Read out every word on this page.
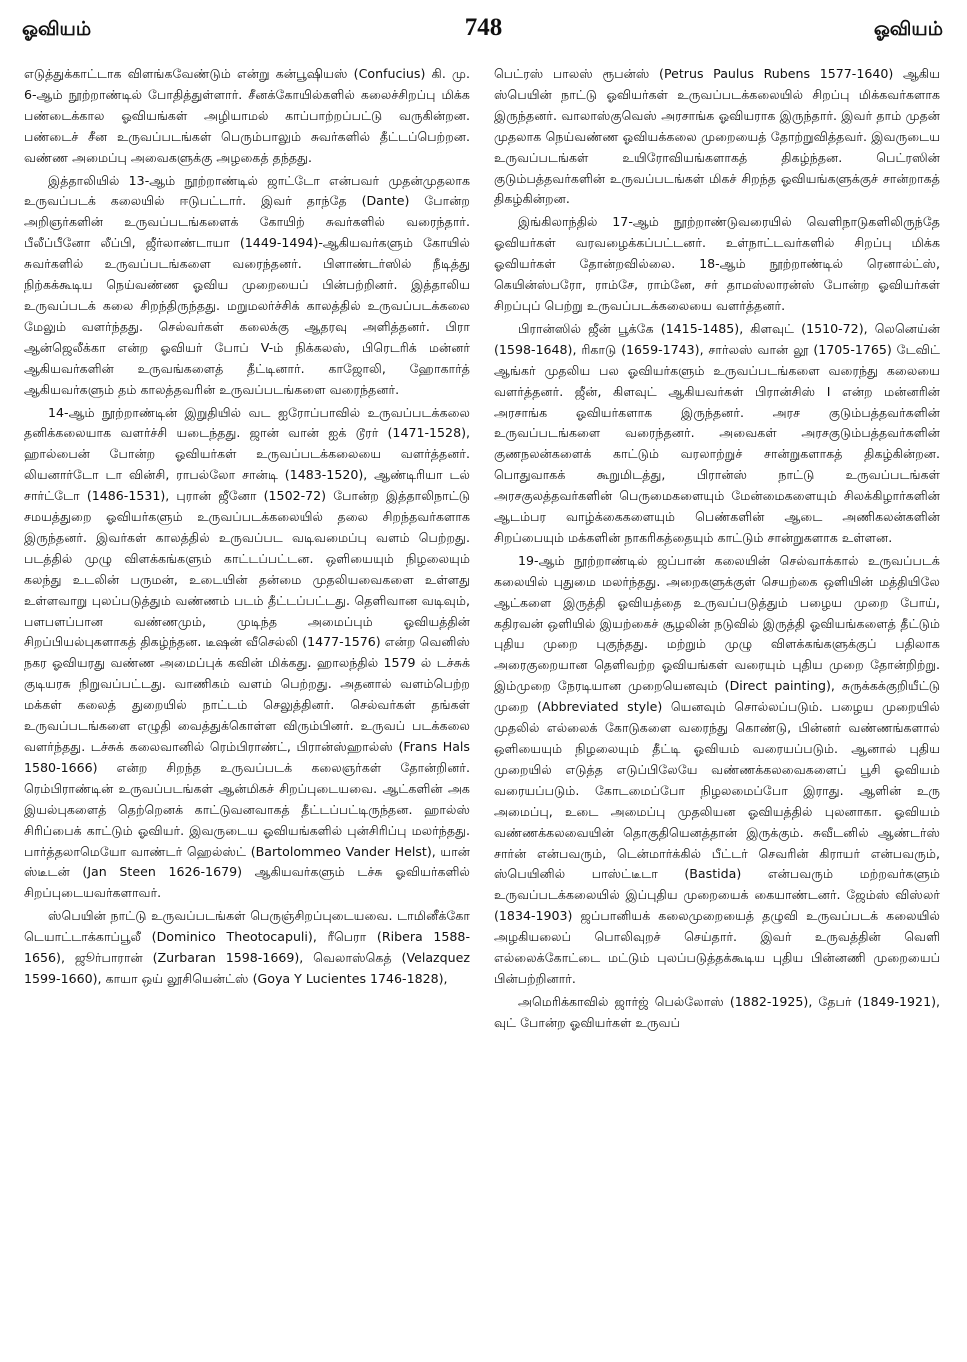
ஓவியம்	748	ஓவியம்

எடுத்துக்காட்டாக விளங்கவேண்டும் என்று கன்பூஷியஸ் (Confucius) கி. மு. 6-ஆம் நூற்றாண்டில் போதித்துள்ளார். சீனக்கோயில்களில் கலைச்சிறப்பு மிக்க பண்டைக்கால ஓவியங்கள் அழியாமல் காப்பாற்றப்பட்டு வருகின்றன. பண்டைச் சீன உருவப்படங்கள் பெரும்பாலும் சுவர்களில் தீட்டப்பெற்றன. வண்ண அமைப்பு அவைகளுக்கு அழகைத் தந்தது.

இத்தாலியில் 13-ஆம் நூற்றாண்டில் ஜாட்டோ என்பவர் முதன்முதலாக உருவப்படக் கலையில் ஈடுபட்டார். இவர் தாந்தே (Dante) போன்ற அறிஞர்களின் உருவப்படங்களைக் கோயிற் சுவர்களில் வரைந்தார். பீலீப்பீனோ லீப்பி, ஜீர்லாண்டாயா (1449-1494)-ஆகியவர்களும் கோயில் சுவர்களில் உருவப்படங்களை வரைந்தனர். பிளாண்டர்ஸில் நீடித்து நிற்கக்கூடிய நெய்வண்ண ஓவிய முறையைப் பின்பற்றினர். இத்தாலிய உருவப்படக் கலை சிறந்திருந்தது. மறுமலர்ச்சிக் காலத்தில் உருவப்படக்கலை மேலும் வளர்ந்தது. செல்வர்கள் கலைக்கு ஆதரவு அளித்தனர். பிரா ஆன்ஜெலீக்கா என்ற ஓவியர் போப் V-ம் நிக்கலஸ், பிரெடரிக் மன்னர் ஆகியவர்களின் உருவங்களைத் தீட்டினார். காஜோலி, ஹோகார்த் ஆகியவர்களும் தம் காலத்தவரின் உருவப்படங்களை வரைந்தனர்.

14-ஆம் நூற்றாண்டின் இறுதியில் வட ஐரோப்பாவில் உருவப்படக்கலை தனிக்கலையாக வளர்ச்சி யடைந்தது. ஜான் வான் ஐக் டூரர் (1471-1528), ஹால்பைன் போன்ற ஓவியர்கள் உருவப்படக்கலையை வளர்த்தனர். லியனார்டோ டா வின்சி, ராபல்லோ சான்டி (1483-1520), ஆண்டிரியா டல் சார்ட்டோ (1486-1531), புரான் ஜீனோ (1502-72) போன்ற இத்தாலிநாட்டு சமயத்துறை ஓவியர்களும் உருவப்படக்கலையில் தலை சிறந்தவர்களாக இருந்தனர். இவர்கள் காலத்தில் உருவப்பட வடிவமைப்பு வளம் பெற்றது. படத்தில் முழு விளக்கங்களும் காட்டப்பட்டன. ஒளியையும் நிழலையும் கலந்து உடலின் பருமன், உடையின் தன்மை முதலியவைகளை உள்ளது உள்ளவாறு புலப்படுத்தும் வண்ணம் படம் தீட்டப்பட்டது. தெளிவான வடிவும், பளபளப்பான வண்ணமும், முடிந்த அமைப்பும் ஓவியத்தின் சிறப்பியல்புகளாகத் திகழ்ந்தன. டீஷன் வீசெல்லி (1477-1576) என்ற வெனிஸ் நகர ஓவியரது வண்ண அமைப்புக் கவின் மிக்கது. ஹாலந்தில் 1579 ல் டச்சுக் குடியரசு நிறுவப்பட்டது. வாணிகம் வளம் பெற்றது. அதனால் வளம்பெற்ற மக்கள் கலைத் துறையில் நாட்டம் செலுத்தினர். செல்வர்கள் தங்கள் உருவப்படங்களை எழுதி வைத்துக்கொள்ள விரும்பினர். உருவப் படக்கலை வளர்ந்தது. டச்சுக் கலைவானில் ரெம்பிராண்ட், பிரான்ஸ்ஹால்ஸ் (Frans Hals 1580-1666) என்ற சிறந்த உருவப்படக் கலைஞர்கள் தோன்றினர். ரெம்பிராண்டின் உருவப்படங்கள் ஆன்மிகச் சிறப்புடையவை. ஆட்களின் அக இயல்புகளைத் தெற்றெனக் காட்டுவனவாகத் தீட்டப்பட்டிருந்தன. ஹால்ஸ் சிரிப்பைக் காட்டும் ஓவியர். இவருடைய ஓவியங்களில் புன்சிரிப்பு மலர்ந்தது. பார்த்தலாமெயோ வாண்டர் ஹெல்ஸ்ட் (Bartolommeo Vander Helst), யான் ஸ்டீடன் (Jan Steen 1626-1679) ஆகியவர்களும் டச்சு ஓவியர்களில் சிறப்புடையவர்களாவர்.

ஸ்பெயின் நாட்டு உருவப்படங்கள் பெருஞ்சிறப்புடையவை. டாமினீக்கோ டெயாட்டாக்காப்பூலீ (Dominico Theotocapuli), ரீபெரா (Ribera 1588-1656), ஜூர்பாரான் (Zurbaran 1598-1669), வெலாஸ்கெத் (Velazquez 1599-1660), காயா ஒய் லூசியென்ட்ஸ் (Goya Y Lucientes 1746-1828),

பெட்ரஸ் பாலஸ் ரூபன்ஸ் (Petrus Paulus Rubens 1577-1640) ஆகிய ஸ்பெயின் நாட்டு ஓவியர்கள் உருவப்படக்கலையில் சிறப்பு மிக்கவர்களாக இருந்தனர். வாலாஸ்குவெஸ் அரசாங்க ஓவியராக இருந்தார். இவர் தாம் முதன் முதலாக நெய்வண்ண ஓவியக்கலை முறையைத் தோற்றுவித்தவர். இவருடைய உருவப்படங்கள் உயிரோவியங்களாகத் திகழ்ந்தன. பெட்ரஸின் குடும்பத்தவர்களின் உருவப்படங்கள் மிகச் சிறந்த ஓவியங்களுக்குச் சான்றாகத் திகழ்கின்றன.

இங்கிலாந்தில் 17-ஆம் நூற்றாண்டுவரையில் வெளிநாடுகளிலிருந்தே ஓவியர்கள் வரவழைக்கப்பட்டனர். உள்நாட்டவர்களில் சிறப்பு மிக்க ஓவியர்கள் தோன்றவில்லை. 18-ஆம் நூற்றாண்டில் ரெனால்ட்ஸ், கெயின்ஸ்பரோ, ராம்சே, ராம்னே, சர் தாமஸ்லாரன்ஸ் போன்ற ஓவியர்கள் சிறப்புப் பெற்று உருவப்படக்கலையை வளர்த்தனர்.

பிரான்ஸில் ஜீன் பூக்கே (1415-1485), கிளவுட் (1510-72), லெனெய்ன் (1598-1648), ரிகாடு (1659-1743), சார்லஸ் வான் லூ (1705-1765) டேவிட் ஆங்கர் முதலிய பல ஓவியர்களும் உருவப்படங்களை வரைந்து கலையை வளர்த்தனர். ஜீன், கிளவுட் ஆகியவர்கள் பிரான்சிஸ் I என்ற மன்னரின் அரசாங்க ஓவியர்களாக இருந்தனர். அரச குடும்பத்தவர்களின் உருவப்படங்களை வரைந்தனர். அவைகள் அரசகுடும்பத்தவர்களின் குணநலன்களைக் காட்டும் வரலாற்றுச் சான்றுகளாகத் திகழ்கின்றன. பொதுவாகக் கூறுமிடத்து, பிரான்ஸ் நாட்டு உருவப்படங்கள் அரசகுலத்தவர்களின் பெருமைகளையும் மேன்மைகளையும் சிலக்கிழார்களின் ஆடம்பர வாழ்க்கைகளையும் பெண்களின் ஆடை அணிகலன்களின் சிறப்பையும் மக்களின் நாகரிகத்தையும் காட்டும் சான்றுகளாக உள்ளன.

19-ஆம் நூற்றாண்டில் ஜப்பான் கலையின் செல்வாக்கால் உருவப்படக் கலையில் புதுமை மலர்ந்தது. அறைகளுக்குள் செயற்கை ஒளியின் மத்தியிலே ஆட்களை இருத்தி ஓவியத்தை உருவப்படுத்தும் பழைய முறை போய், கதிரவன் ஒளியில் இயற்கைச் சூழலின் நடுவில் இருத்தி ஓவியங்களைத் தீட்டும் புதிய முறை புகுந்தது. மற்றும் முழு விளக்கங்களுக்குப் பதிலாக அரைகுறையான தெளிவற்ற ஓவியங்கள் வரையும் புதிய முறை தோன்றிற்று. இம்முறை நேரடியான முறையெனவும் (Direct painting), சுருக்கக்குறியீட்டு முறை (Abbreviated style) யெனவும் சொல்லப்படும். பழைய முறையில் முதலில் எல்லைக் கோடுகளை வரைந்து கொண்டு, பின்னர் வண்ணங்களால் ஒளியையும் நிழலையும் தீட்டி ஓவியம் வரையப்படும். ஆனால் புதிய முறையில் எடுத்த எடுப்பிலேயே வண்ணக்கலவைகளைப் பூசி ஓவியம் வரையப்படும். கோடமைப்போ நிழலமைப்போ இராது. ஆளின் உரு அமைப்பு, உடை அமைப்பு முதலியன ஓவியத்தில் புலனாகா. ஓவியம் வண்ணக்கலவையின் தொகுதியெனத்தான் இருக்கும். சுவீடனில் ஆண்டர்ஸ் சார்ன் என்பவரும், டென்மார்க்கில் பீட்டர் செவரின் கிராயர் என்பவரும், ஸ்பெயினில் பாஸ்ட்டீடா (Bastida) என்பவரும் மற்றவர்களும் உருவப்படக்கலையில் இப்புதிய முறையைக் கையாண்டனர். ஜேம்ஸ் விஸ்லர் (1834-1903) ஜப்பானியக் கலைமுறையைத் தழுவி உருவப்படக் கலையில் அழகியலைப் பொலிவுறச் செய்தார். இவர் உருவத்தின் வெளி எல்லைக்கோட்டை மட்டும் புலப்படுத்தக்கூடிய புதிய பின்னணி முறையைப் பின்பற்றினார்.

அமெரிக்காவில் ஜார்ஜ் பெல்லோஸ் (1882-1925), தேபர் (1849-1921), வுட் போன்ற ஓவியர்கள் உருவப்
